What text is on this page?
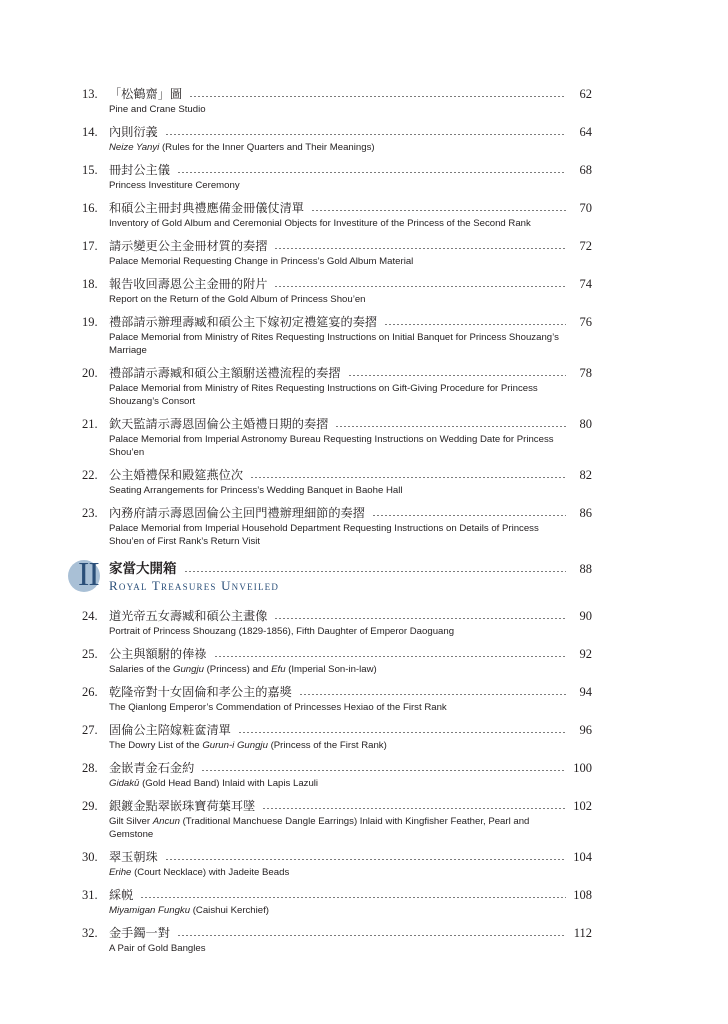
13. 「松鶴齋」圖	62
Pine and Crane Studio
14. 內則衍義	64
Neize Yanyi (Rules for the Inner Quarters and Their Meanings)
15. 冊封公主儀	68
Princess Investiture Ceremony
16. 和碩公主冊封典禮應備金冊儀仗清單	70
Inventory of Gold Album and Ceremonial Objects for Investiture of the Princess of the Second Rank
17. 請示變更公主金冊材質的奏摺	72
Palace Memorial Requesting Change in Princess’s Gold Album Material
18. 報告收回壽恩公主金冊的附片	74
Report on the Return of the Gold Album of Princess Shou’en
19. 禮部請示辦理壽臧和碩公主下嫁初定禮筵宴的奏摺	76
Palace Memorial from Ministry of Rites Requesting Instructions on Initial Banquet for Princess Shouzang’s Marriage
20. 禮部請示壽臧和碩公主額駙送禮流程的奏摺	78
Palace Memorial from Ministry of Rites Requesting Instructions on Gift-Giving Procedure for Princess Shouzang’s Consort
21. 欽天監請示壽恩固倫公主婚禮日期的奏摺	80
Palace Memorial from Imperial Astronomy Bureau Requesting Instructions on Wedding Date for Princess Shou’en
22. 公主婚禮保和殿筵燕位次	82
Seating Arrangements for Princess’s Wedding Banquet in Baohe Hall
23. 內務府請示壽恩固倫公主回門禮辦理細節的奏摺	86
Palace Memorial from Imperial Household Department Requesting Instructions on Details of Princess Shou’en of First Rank’s Return Visit
II 家當大開箱	88
Royal Treasures Unveiled
24. 道光帝五女壽臧和碩公主畫像	90
Portrait of Princess Shouzang (1829-1856), Fifth Daughter of Emperor Daoguang
25. 公主與額駙的俸祿	92
Salaries of the Gungju (Princess) and Efu (Imperial Son-in-law)
26. 乾隆帝對十女固倫和孝公主的嘉獎	94
The Qianlong Emperor’s Commendation of Princesses Hexiao of the First Rank
27. 固倫公主陪嫁粧奩清單	96
The Dowry List of the Gurun-i Gungju (Princess of the First Rank)
28. 金嵌青金石金約	100
Gidakū (Gold Head Band) Inlaid with Lapis Lazuli
29. 銀鍍金點翠嵌珠寶荷葉耳墜	102
Gilt Silver Ancun (Traditional Manchuese Dangle Earrings) Inlaid with Kingfisher Feather, Pearl and Gemstone
30. 翠玉朝珠	104
Erihe (Court Necklace) with Jadeite Beads
31. 綵帨	108
Miyamigan Fungku (Caishui Kerchief)
32. 金手鐲一對	112
A Pair of Gold Bangles
